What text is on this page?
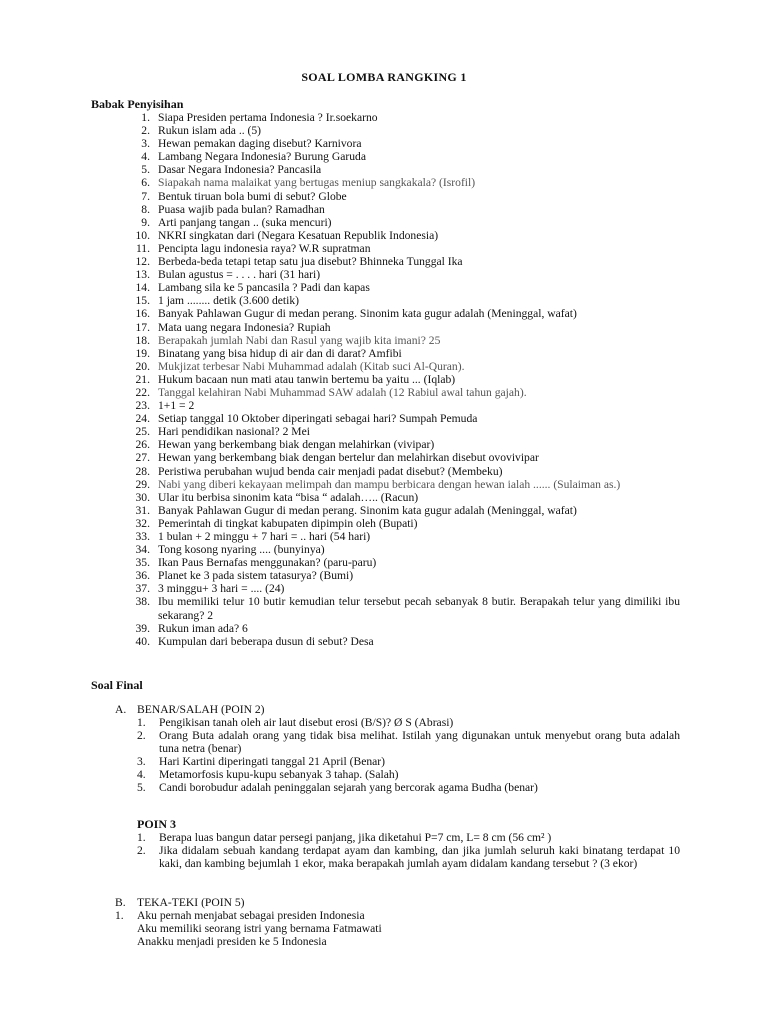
SOAL LOMBA RANGKING 1
Babak Penyisihan
1. Siapa Presiden pertama Indonesia ? Ir.soekarno
2. Rukun islam ada .. (5)
3. Hewan pemakan daging disebut? Karnivora
4. Lambang Negara Indonesia? Burung Garuda
5. Dasar Negara Indonesia? Pancasila
6. Siapakah nama malaikat yang bertugas meniup sangkakala? (Isrofil)
7. Bentuk tiruan bola bumi di sebut? Globe
8. Puasa wajib pada bulan? Ramadhan
9. Arti panjang tangan .. (suka mencuri)
10. NKRI singkatan dari (Negara Kesatuan Republik Indonesia)
11. Pencipta lagu indonesia raya? W.R supratman
12. Berbeda-beda tetapi tetap satu jua disebut? Bhinneka Tunggal Ika
13. Bulan agustus = . . . . hari (31 hari)
14. Lambang sila ke 5 pancasila ? Padi dan kapas
15. 1 jam ........ detik (3.600 detik)
16. Banyak Pahlawan Gugur di medan perang. Sinonim kata gugur adalah (Meninggal, wafat)
17. Mata uang negara Indonesia? Rupiah
18. Berapakah jumlah Nabi dan Rasul yang wajib kita imani? 25
19. Binatang yang bisa hidup di air dan di darat? Amfibi
20. Mukjizat terbesar Nabi Muhammad adalah (Kitab suci Al-Quran).
21. Hukum bacaan nun mati atau tanwin bertemu ba yaitu ... (Iqlab)
22. Tanggal kelahiran Nabi Muhammad SAW adalah (12 Rabiul awal tahun gajah).
23. 1+1 = 2
24. Setiap tanggal 10 Oktober diperingati sebagai hari? Sumpah Pemuda
25. Hari pendidikan nasional? 2 Mei
26. Hewan yang berkembang biak dengan melahirkan (vivipar)
27. Hewan yang berkembang biak dengan bertelur dan melahirkan disebut ovovivipar
28. Peristiwa perubahan wujud benda cair menjadi padat disebut? (Membeku)
29. Nabi yang diberi kekayaan melimpah dan mampu berbicara dengan hewan ialah ...... (Sulaiman as.)
30. Ular itu berbisa sinonim kata “bisa “ adalah….. (Racun)
31. Banyak Pahlawan Gugur di medan perang. Sinonim kata gugur adalah (Meninggal, wafat)
32. Pemerintah di tingkat kabupaten dipimpin oleh (Bupati)
33. 1 bulan + 2 minggu + 7 hari = .. hari (54 hari)
34. Tong kosong nyaring .... (bunyinya)
35. Ikan Paus Bernafas menggunakan? (paru-paru)
36. Planet ke 3 pada sistem tatasurya? (Bumi)
37. 3 minggu+ 3 hari = .... (24)
38. Ibu memiliki telur 10 butir kemudian telur tersebut pecah sebanyak 8 butir. Berapakah telur yang dimiliki ibu sekarang? 2
39. Rukun iman ada? 6
40. Kumpulan dari beberapa dusun di sebut? Desa
Soal Final
A. BENAR/SALAH (POIN 2)
1.	Pengikisan tanah oleh air laut disebut erosi (B/S)? Ø S (Abrasi)
2.	Orang Buta adalah orang yang tidak bisa melihat. Istilah yang digunakan untuk menyebut orang buta adalah tuna netra (benar)
3.	Hari Kartini diperingati tanggal 21 April (Benar)
4.	Metamorfosis kupu-kupu sebanyak 3 tahap. (Salah)
5.	Candi borobudur adalah peninggalan sejarah yang bercorak agama Budha (benar)
POIN 3
1.	Berapa luas bangun datar persegi panjang, jika diketahui P=7 cm, L= 8 cm (56 cm² )
2.	Jika didalam sebuah kandang terdapat ayam dan kambing, dan jika jumlah seluruh kaki binatang terdapat 10 kaki, dan kambing bejumlah 1 ekor, maka berapakah jumlah ayam didalam kandang tersebut ? (3 ekor)
B. TEKA-TEKI (POIN 5)
1.	Aku pernah menjabat sebagai presiden Indonesia
Aku memiliki seorang istri yang bernama Fatmawati
Anakku menjadi presiden ke 5 Indonesia
